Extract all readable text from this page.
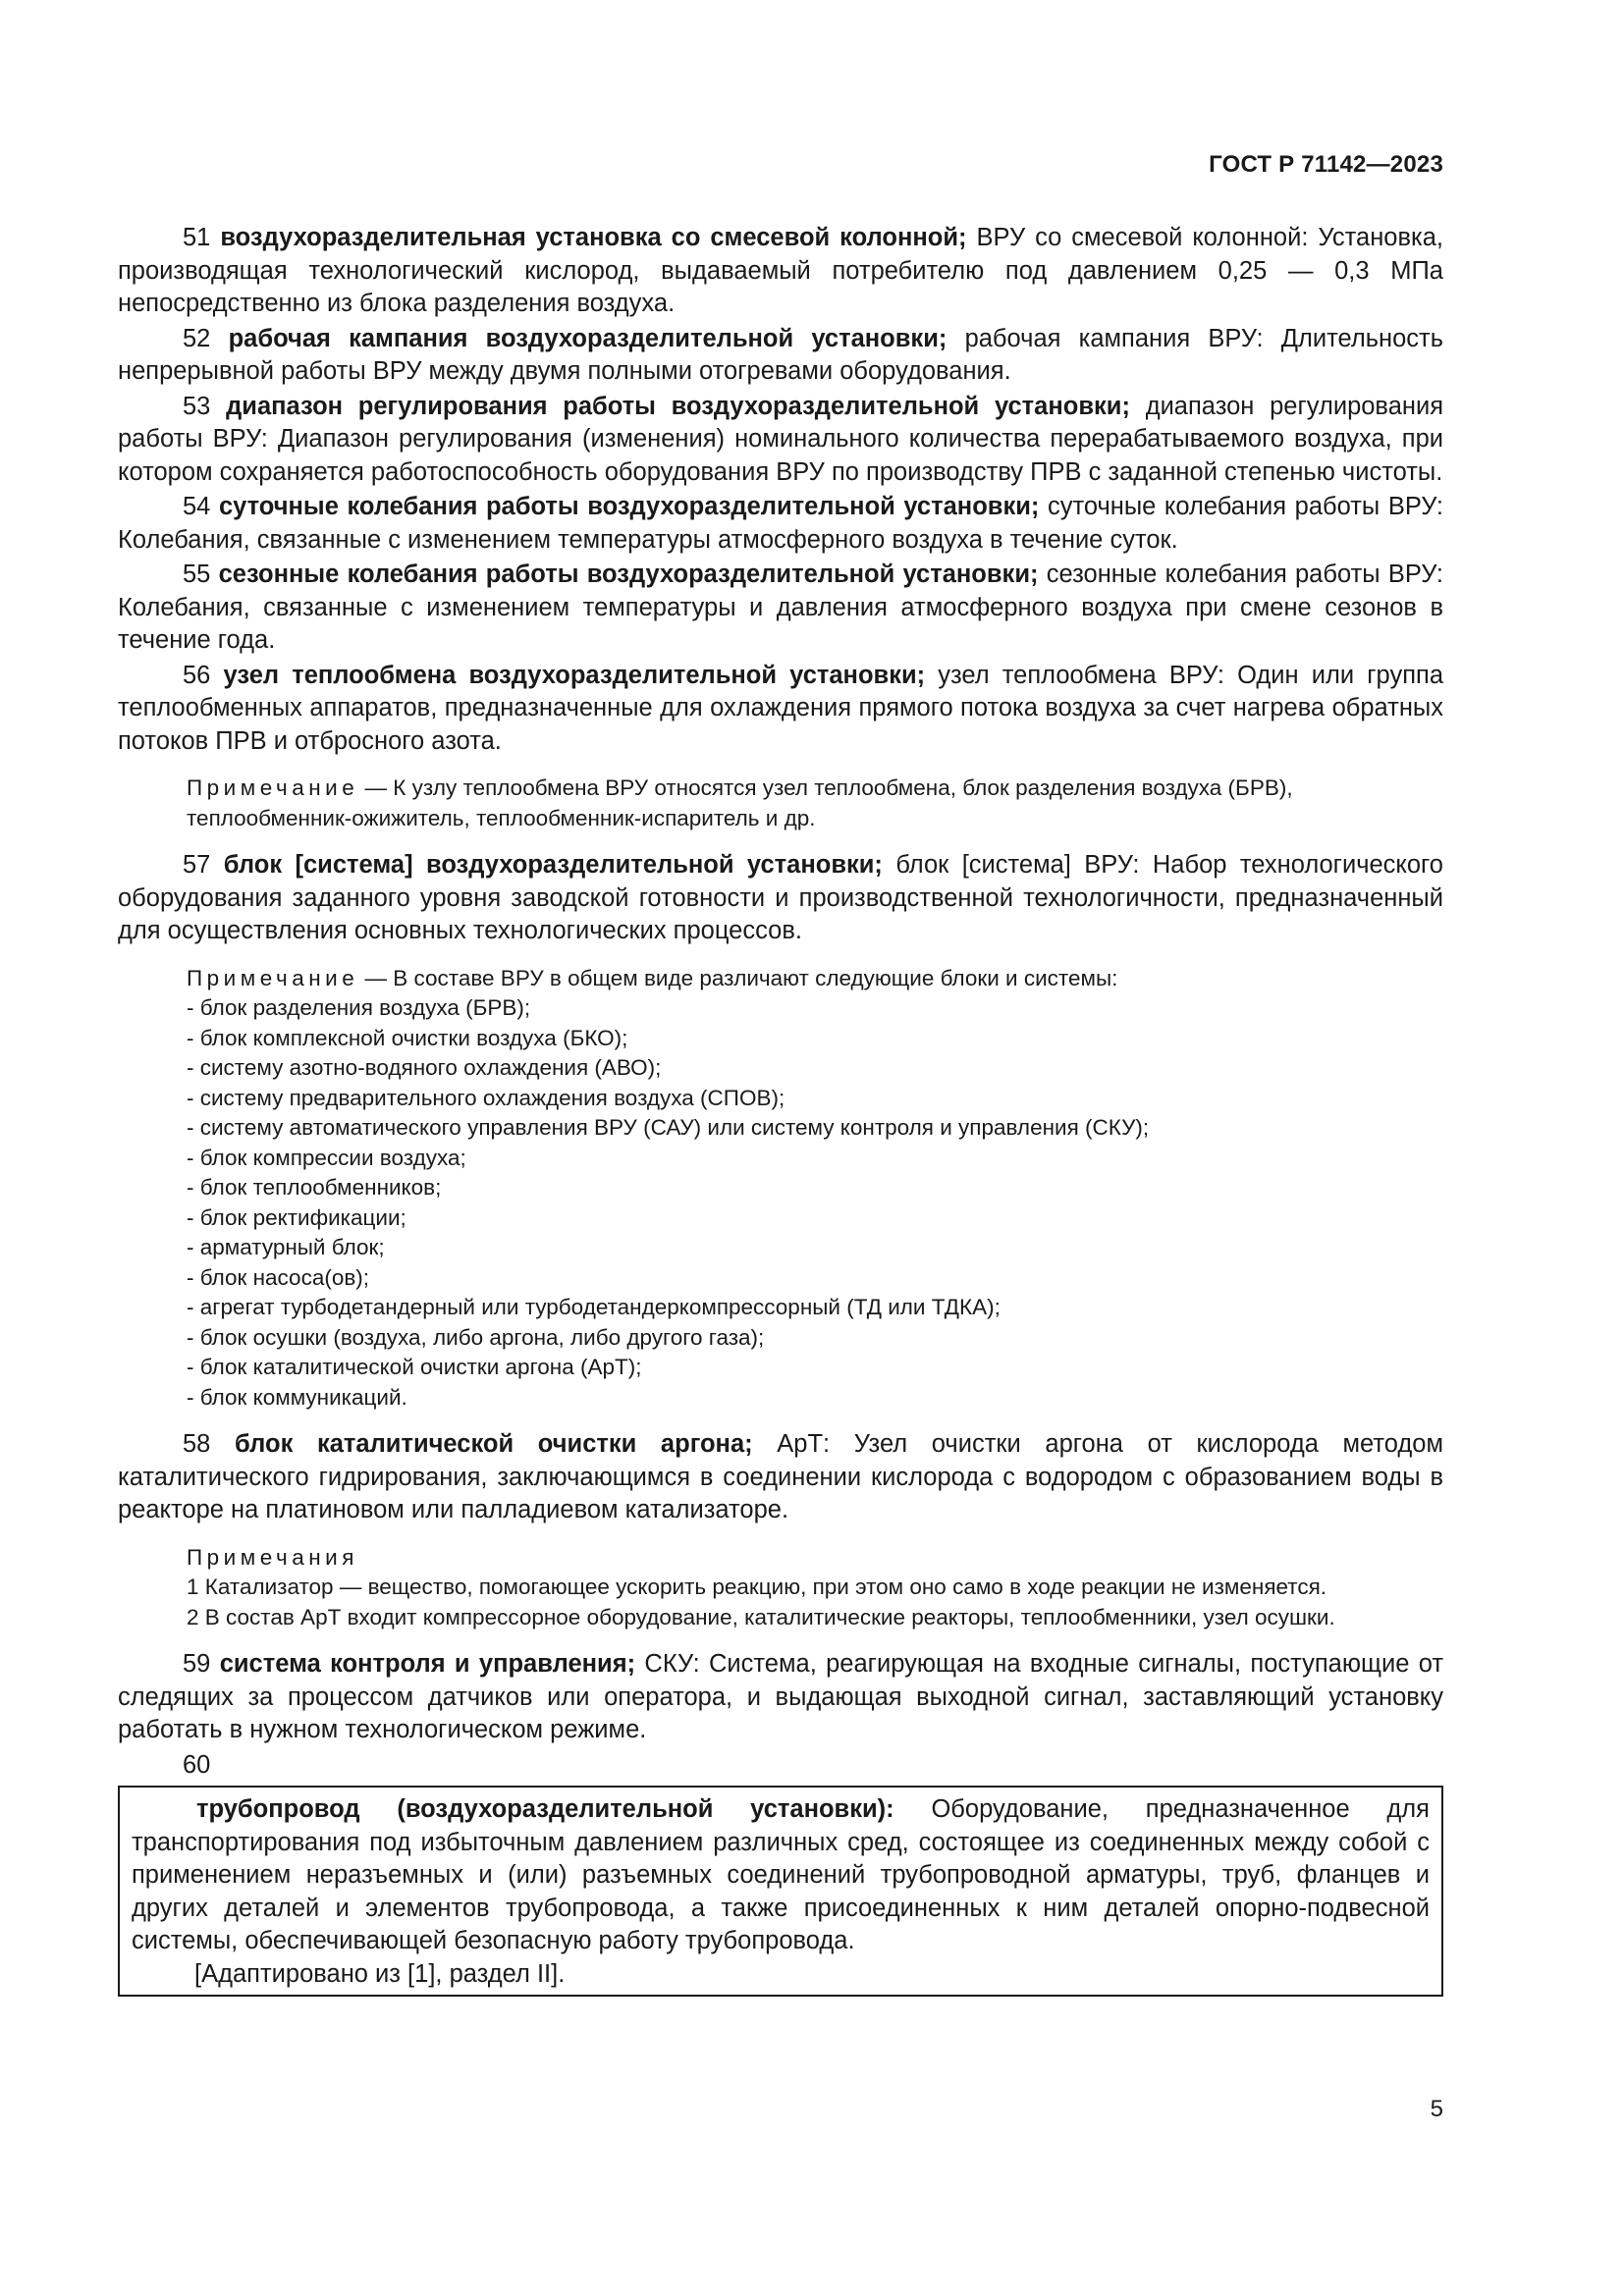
ГОСТ Р 71142—2023

51 воздухоразделительная установка со смесевой колонной; ВРУ со смесевой колонной: Установка, производящая технологический кислород, выдаваемый потребителю под давлением 0,25 — 0,3 МПа непосредственно из блока разделения воздуха.

52 рабочая кампания воздухоразделительной установки; рабочая кампания ВРУ: Длительность непрерывной работы ВРУ между двумя полными отогревами оборудования.

53 диапазон регулирования работы воздухоразделительной установки; диапазон регулирования работы ВРУ: Диапазон регулирования (изменения) номинального количества перерабатываемого воздуха, при котором сохраняется работоспособность оборудования ВРУ по производству ПРВ с заданной степенью чистоты.

54 суточные колебания работы воздухоразделительной установки; суточные колебания работы ВРУ: Колебания, связанные с изменением температуры атмосферного воздуха в течение суток.

55 сезонные колебания работы воздухоразделительной установки; сезонные колебания работы ВРУ: Колебания, связанные с изменением температуры и давления атмосферного воздуха при смене сезонов в течение года.

56 узел теплообмена воздухоразделительной установки; узел теплообмена ВРУ: Один или группа теплообменных аппаратов, предназначенные для охлаждения прямого потока воздуха за счет нагрева обратных потоков ПРВ и отбросного азота.

Примечание — К узлу теплообмена ВРУ относятся узел теплообмена, блок разделения воздуха (БРВ), теплообменник-ожижитель, теплообменник-испаритель и др.

57 блок [система] воздухоразделительной установки; блок [система] ВРУ: Набор технологического оборудования заданного уровня заводской готовности и производственной технологичности, предназначенный для осуществления основных технологических процессов.

Примечание — В составе ВРУ в общем виде различают следующие блоки и системы:
- блок разделения воздуха (БРВ);
- блок комплексной очистки воздуха (БКО);
- систему азотно-водяного охлаждения (АВО);
- систему предварительного охлаждения воздуха (СПОВ);
- систему автоматического управления ВРУ (САУ) или систему контроля и управления (СКУ);
- блок компрессии воздуха;
- блок теплообменников;
- блок ректификации;
- арматурный блок;
- блок насоса(ов);
- агрегат турбодетандерный или турбодетандеркомпрессорный (ТД или ТДКА);
- блок осушки (воздуха, либо аргона, либо другого газа);
- блок каталитической очистки аргона (АрТ);
- блок коммуникаций.

58 блок каталитической очистки аргона; АрТ: Узел очистки аргона от кислорода методом каталитического гидрирования, заключающимся в соединении кислорода с водородом с образованием воды в реакторе на платиновом или палладиевом катализаторе.

Примечания
1 Катализатор — вещество, помогающее ускорить реакцию, при этом оно само в ходе реакции не изменяется.
2 В состав АрТ входит компрессорное оборудование, каталитические реакторы, теплообменники, узел осушки.

59 система контроля и управления; СКУ: Система, реагирующая на входные сигналы, поступающие от следящих за процессом датчиков или оператора, и выдающая выходной сигнал, заставляющий установку работать в нужном технологическом режиме.

60

трубопровод (воздухоразделительной установки): Оборудование, предназначенное для транспортирования под избыточным давлением различных сред, состоящее из соединенных между собой с применением неразъемных и (или) разъемных соединений трубопроводной арматуры, труб, фланцев и других деталей и элементов трубопровода, а также присоединенных к ним деталей опорно-подвесной системы, обеспечивающей безопасную работу трубопровода.

[Адаптировано из [1], раздел II].
5
